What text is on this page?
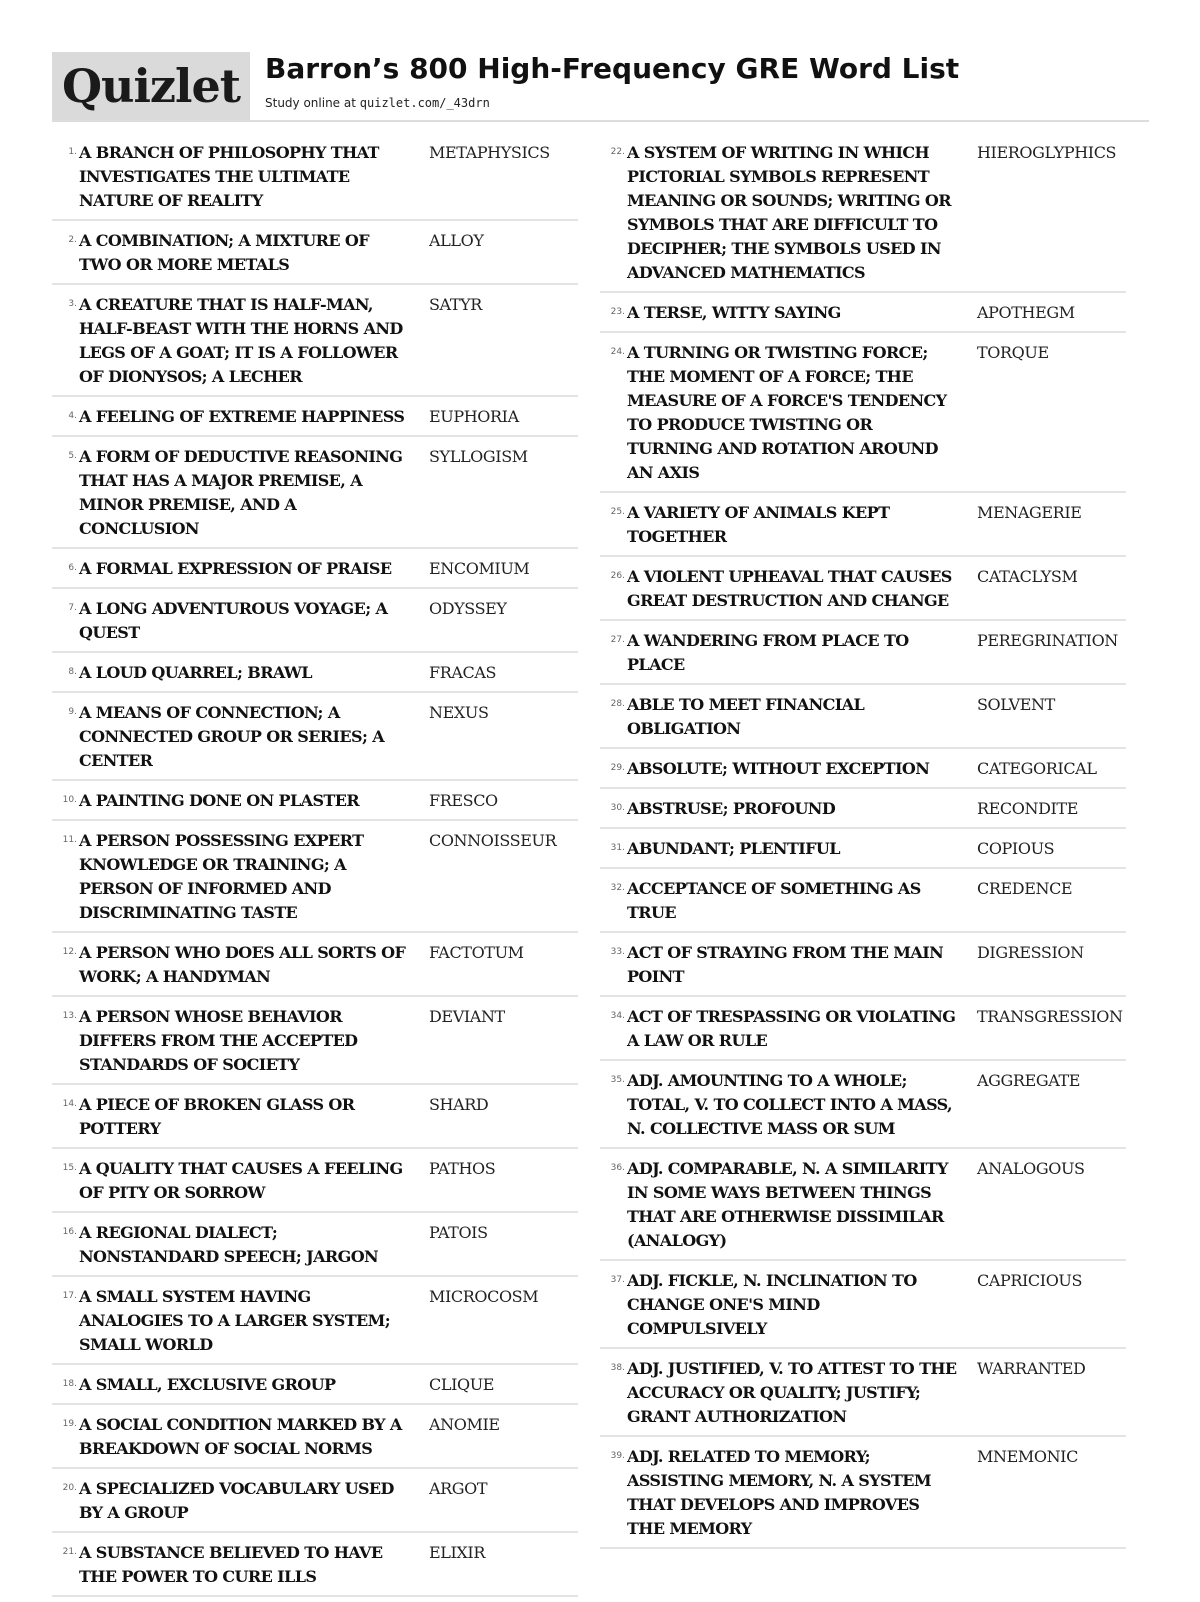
Quizlet Barron’s 800 High-Frequency GRE Word List
Study online at quizlet.com/_43drn
1. A BRANCH OF PHILOSOPHY THAT INVESTIGATES THE ULTIMATE NATURE OF REALITY
METAPHYSICS
2. A COMBINATION; A MIXTURE OF TWO OR MORE METALS
ALLOY
3. A CREATURE THAT IS HALF-MAN, HALF-BEAST WITH THE HORNS AND LEGS OF A GOAT; IT IS A FOLLOWER OF DIONYSOS; A LECHER
SATYR
4. A FEELING OF EXTREME HAPPINESS	EUPHORIA
5. A FORM OF DEDUCTIVE REASONING THAT HAS A MAJOR PREMISE, A MINOR PREMISE, AND A CONCLUSION
SYLLOGISM
6. A FORMAL EXPRESSION OF PRAISE	ENCOMIUM
7. A LONG ADVENTUROUS VOYAGE; A QUEST
ODYSSEY
8. A LOUD QUARREL; BRAWL	FRACAS
9. A MEANS OF CONNECTION; A CONNECTED GROUP OR SERIES; A CENTER
NEXUS
10. A PAINTING DONE ON PLASTER	FRESCO
11. A PERSON POSSESSING EXPERT KNOWLEDGE OR TRAINING; A PERSON OF INFORMED AND DISCRIMINATING TASTE
CONNOISSEUR
12. A PERSON WHO DOES ALL SORTS OF WORK; A HANDYMAN
FACTOTUM
13. A PERSON WHOSE BEHAVIOR DIFFERS FROM THE ACCEPTED STANDARDS OF SOCIETY
DEVIANT
14. A PIECE OF BROKEN GLASS OR POTTERY
SHARD
15. A QUALITY THAT CAUSES A FEELING OF PITY OR SORROW
PATHOS
16. A REGIONAL DIALECT; NONSTANDARD SPEECH; JARGON
PATOIS
17. A SMALL SYSTEM HAVING ANALOGIES TO A LARGER SYSTEM; SMALL WORLD
MICROCOSM
18. A SMALL, EXCLUSIVE GROUP	CLIQUE
19. A SOCIAL CONDITION MARKED BY A BREAKDOWN OF SOCIAL NORMS
ANOMIE
20. A SPECIALIZED VOCABULARY USED BY A GROUP
ARGOT
21. A SUBSTANCE BELIEVED TO HAVE THE POWER TO CURE ILLS
ELIXIR
22. A SYSTEM OF WRITING IN WHICH PICTORIAL SYMBOLS REPRESENT MEANING OR SOUNDS; WRITING OR SYMBOLS THAT ARE DIFFICULT TO DECIPHER; THE SYMBOLS USED IN ADVANCED MATHEMATICS
HIEROGLYPHICS
23. A TERSE, WITTY SAYING	APOTHEGM
24. A TURNING OR TWISTING FORCE; THE MOMENT OF A FORCE; THE MEASURE OF A FORCE'S TENDENCY TO PRODUCE TWISTING OR TURNING AND ROTATION AROUND AN AXIS
TORQUE
25. A VARIETY OF ANIMALS KEPT TOGETHER
MENAGERIE
26. A VIOLENT UPHEAVAL THAT CAUSES GREAT DESTRUCTION AND CHANGE
CATACLYSM
27. A WANDERING FROM PLACE TO PLACE
PEREGRINATION
28. ABLE TO MEET FINANCIAL OBLIGATION
SOLVENT
29. ABSOLUTE; WITHOUT EXCEPTION	CATEGORICAL
30. ABSTRUSE; PROFOUND	RECONDITE
31. ABUNDANT; PLENTIFUL	COPIOUS
32. ACCEPTANCE OF SOMETHING AS TRUE
CREDENCE
33. ACT OF STRAYING FROM THE MAIN POINT
DIGRESSION
34. ACT OF TRESPASSING OR VIOLATING A LAW OR RULE
TRANSGRESSION
35. ADJ. AMOUNTING TO A WHOLE; TOTAL, V. TO COLLECT INTO A MASS, N. COLLECTIVE MASS OR SUM
AGGREGATE
36. ADJ. COMPARABLE, N. A SIMILARITY IN SOME WAYS BETWEEN THINGS THAT ARE OTHERWISE DISSIMILAR (ANALOGY)
ANALOGOUS
37. ADJ. FICKLE, N. INCLINATION TO CHANGE ONE'S MIND COMPULSIVELY
CAPRICIOUS
38. ADJ. JUSTIFIED, V. TO ATTEST TO THE ACCURACY OR QUALITY; JUSTIFY; GRANT AUTHORIZATION
WARRANTED
39. ADJ. RELATED TO MEMORY; ASSISTING MEMORY, N. A SYSTEM THAT DEVELOPS AND IMPROVES THE MEMORY
MNEMONIC
